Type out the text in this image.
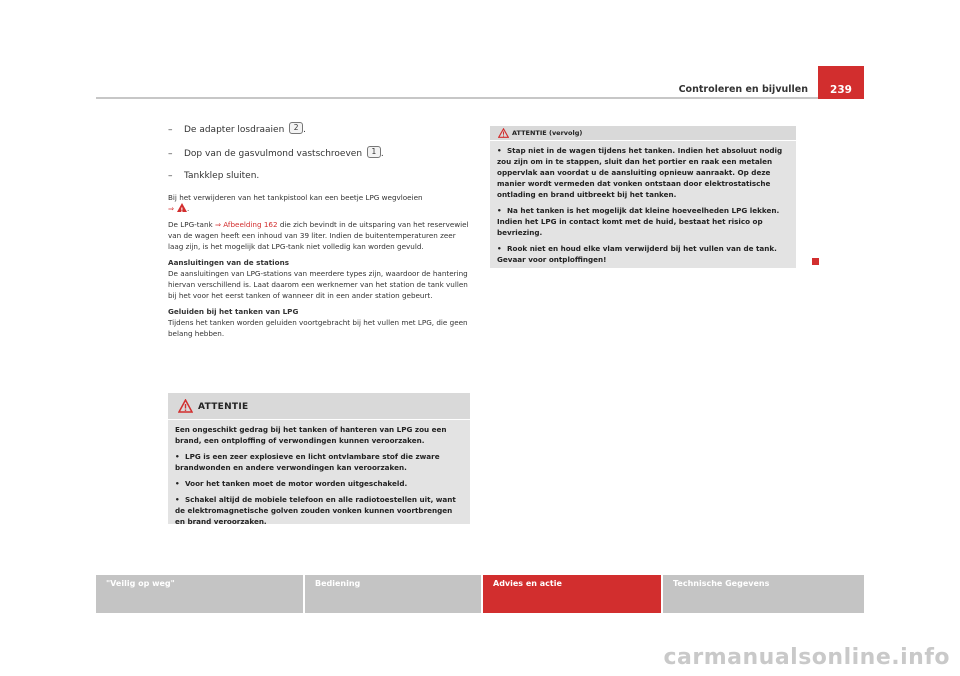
Controleren en bijvullen	239
– De adapter losdraaien 2 .
– Dop van de gasvulmond vastschroeven 1 .
– Tankklep sluiten.

Bij het verwijderen van het tankpistool kan een beetje LPG wegvloeien
⇒! .

De LPG-tank ⇒ Afbeelding 162 die zich bevindt in de uitsparing van het reservewiel van de wagen heeft een inhoud van 39 liter. Indien de buitentemperaturen zeer laag zijn, is het mogelijk dat LPG-tank niet volledig kan worden gevuld.

Aansluitingen van de stations

De aansluitingen van LPG-stations van meerdere types zijn, waardoor de hantering hiervan verschillend is. Laat daarom een werknemer van het station de tank vullen bij het voor het eerst tanken of wanneer dit in een ander station gebeurt.

Geluiden bij het tanken van LPG

Tijdens het tanken worden geluiden voortgebracht bij het vullen met LPG, die geen belang hebben.

ATTENTIE

Een ongeschikt gedrag bij het tanken of hanteren van LPG zou een brand, een ontploffing of verwondingen kunnen veroorzaken.

• LPG is een zeer explosieve en licht ontvlambare stof die zware brandwonden en andere verwondingen kan veroorzaken.

• Voor het tanken moet de motor worden uitgeschakeld.

• Schakel altijd de mobiele telefoon en alle radiotoestellen uit, want de elektromagnetische golven zouden vonken kunnen voortbrengen en brand veroorzaken.

ATTENTIE (vervolg)

• Stap niet in de wagen tijdens het tanken. Indien het absoluut nodig zou zijn om in te stappen, sluit dan het portier en raak een metalen oppervlak aan voordat u de aansluiting opnieuw aanraakt. Op deze manier wordt vermeden dat vonken ontstaan door elektrostatische ontlading en brand uitbreekt bij het tanken.

• Na het tanken is het mogelijk dat kleine hoeveelheden LPG lekken. Indien het LPG in contact komt met de huid, bestaat het risico op bevriezing.

• Rook niet en houd elke vlam verwijderd bij het vullen van de tank. Gevaar voor ontploffingen!

"Veilig op weg"	Bediening	Advies en actie	Technische Gegevens
carmanualsonline.info
